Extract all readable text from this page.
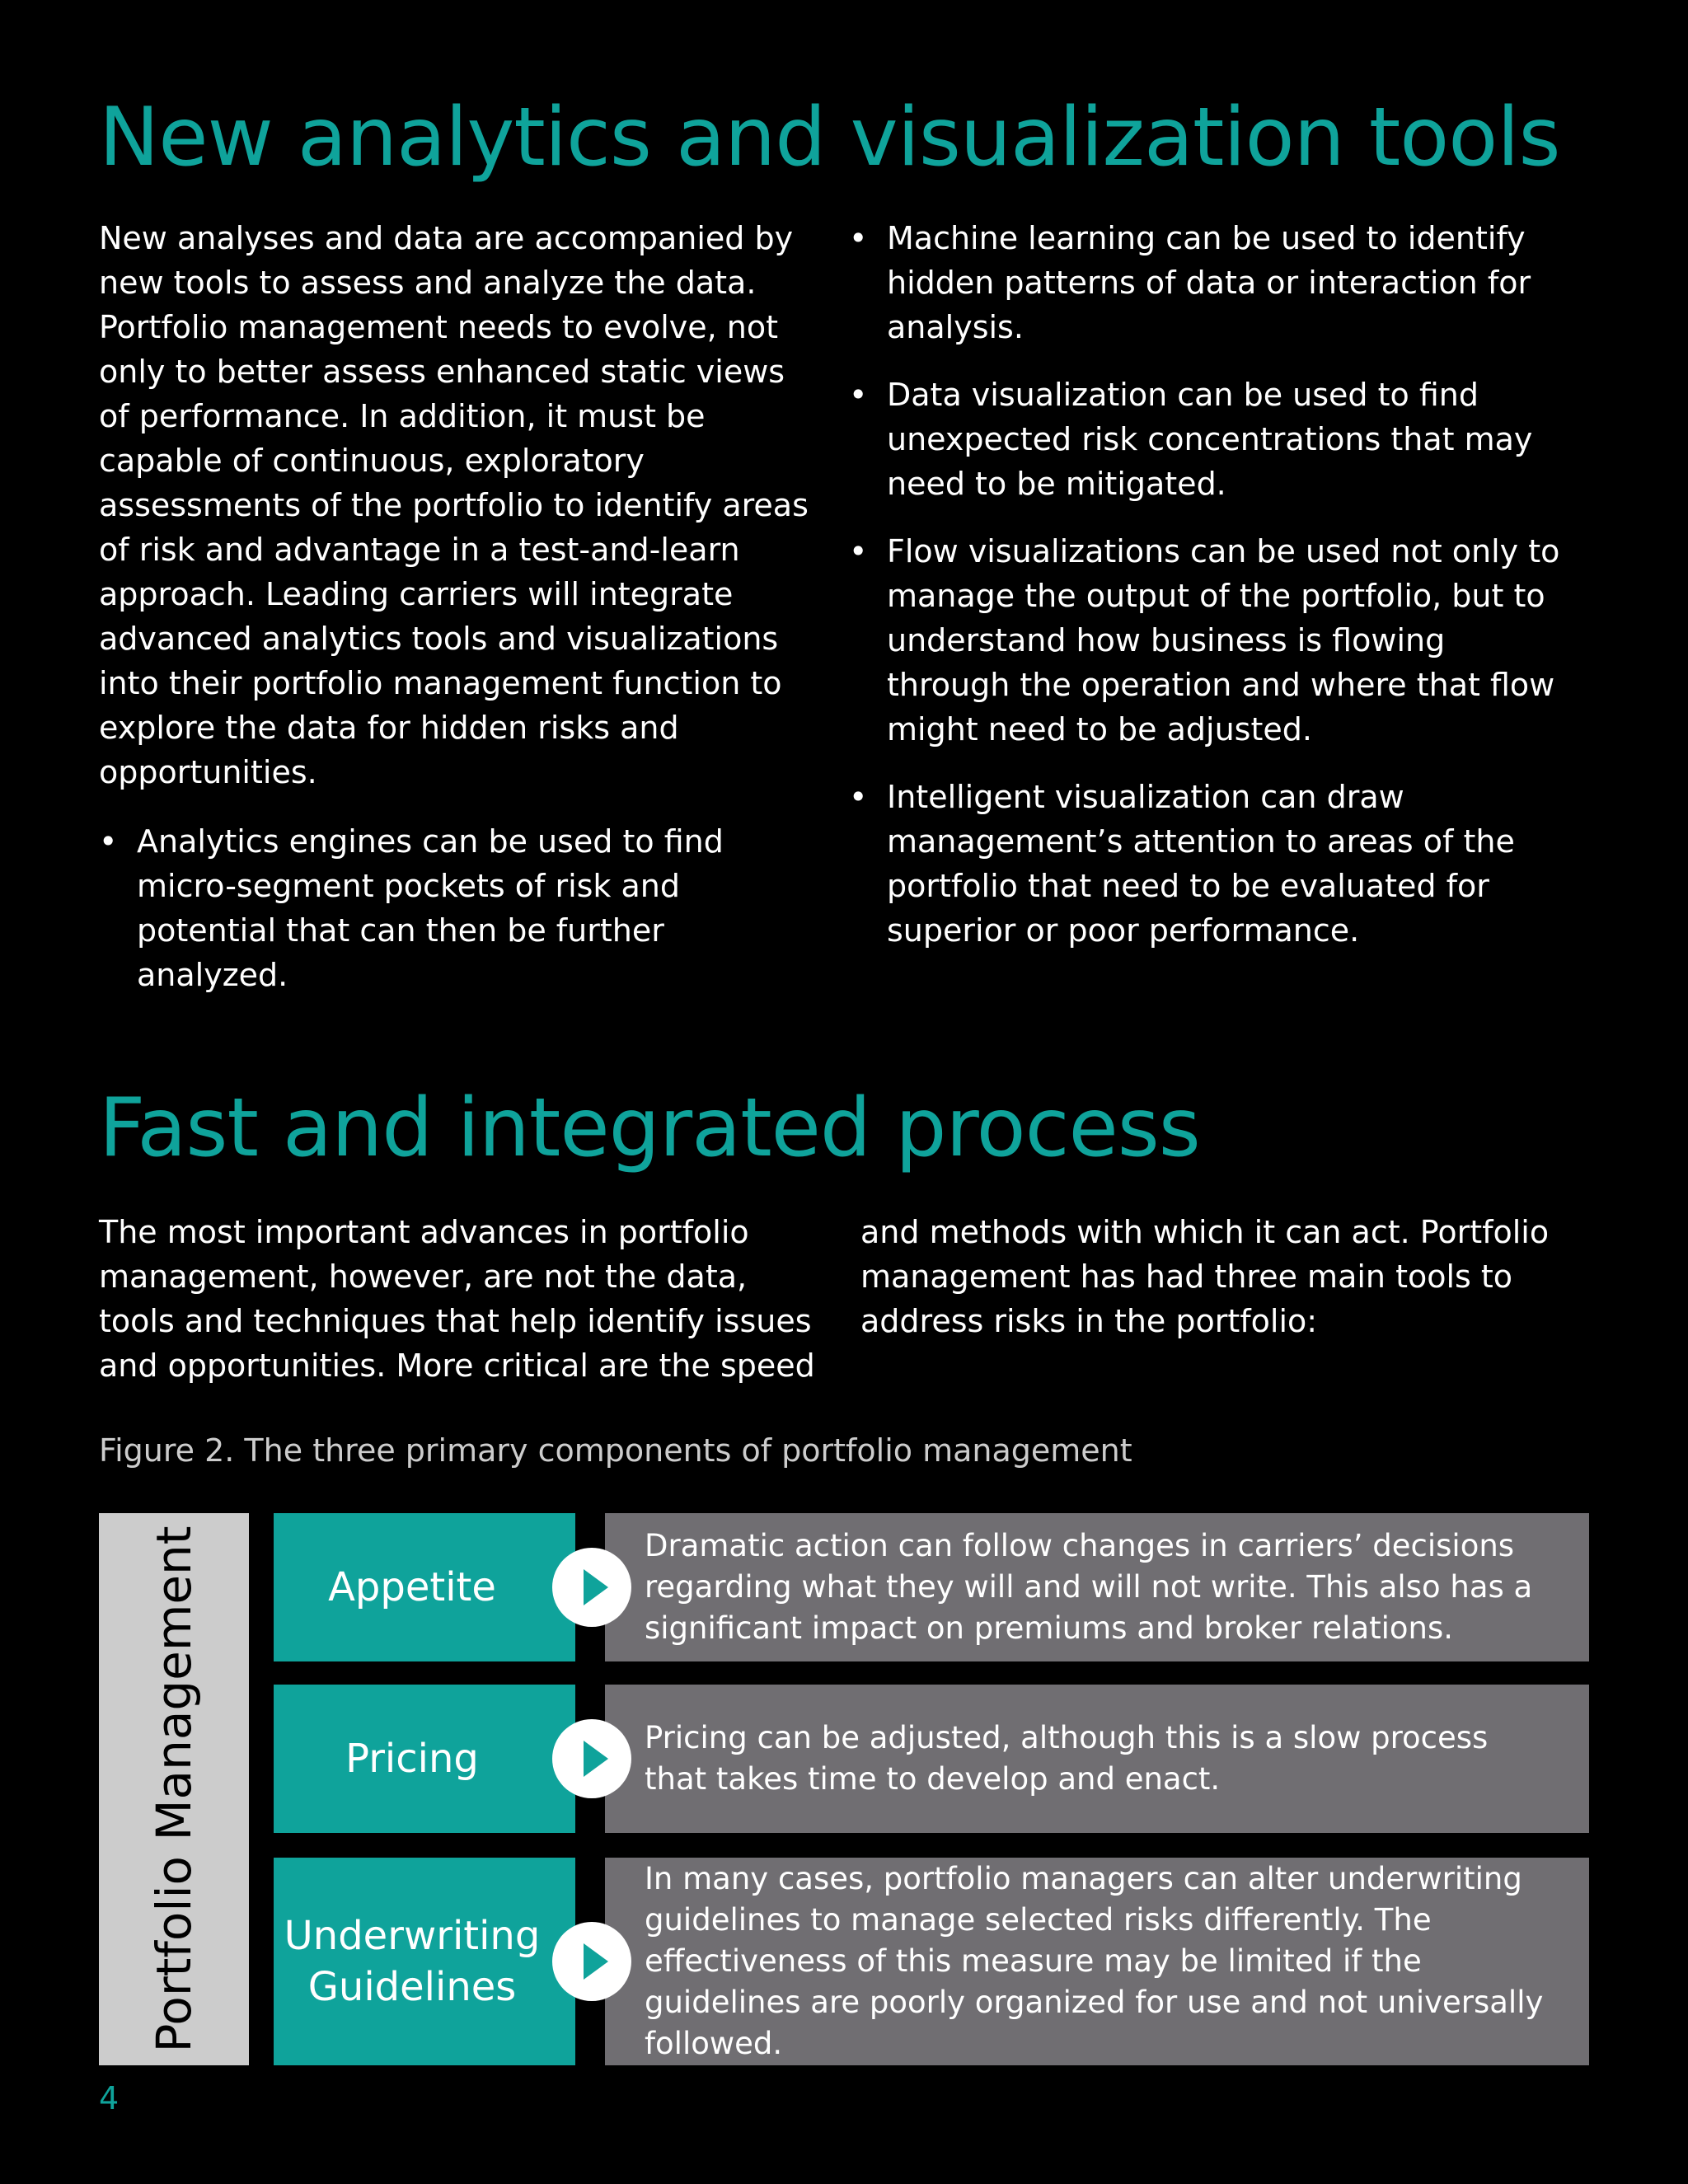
New analytics and visualization tools

New analyses and data are accompanied by new tools to assess and analyze the data. Portfolio management needs to evolve, not only to better assess enhanced static views of performance. In addition, it must be capable of continuous, exploratory assessments of the portfolio to identify areas of risk and advantage in a test-and-learn approach. Leading carriers will integrate advanced analytics tools and visualizations into their portfolio management function to explore the data for hidden risks and opportunities.

• Analytics engines can be used to find micro-segment pockets of risk and potential that can then be further analyzed.
• Machine learning can be used to identify hidden patterns of data or interaction for analysis.
• Data visualization can be used to find unexpected risk concentrations that may need to be mitigated.
• Flow visualizations can be used not only to manage the output of the portfolio, but to understand how business is flowing through the operation and where that flow might need to be adjusted.
• Intelligent visualization can draw management’s attention to areas of the portfolio that need to be evaluated for superior or poor performance.
Fast and integrated process

The most important advances in portfolio management, however, are not the data, tools and techniques that help identify issues and opportunities. More critical are the speed

and methods with which it can act. Portfolio management has had three main tools to address risks in the portfolio:

Figure 2. The three primary components of portfolio management
Portfolio Management	Appetite
Dramatic action can follow changes in carriers’ decisions regarding what they will and will not write. This also has a significant impact on premiums and broker relations.
Pricing	Pricing can be adjusted, although this is a slow process that takes time to develop and enact.
Underwriting Guidelines
In many cases, portfolio managers can alter underwriting guidelines to manage selected risks differently. The effectiveness of this measure may be limited if the guidelines are poorly organized for use and not universally followed.
4
